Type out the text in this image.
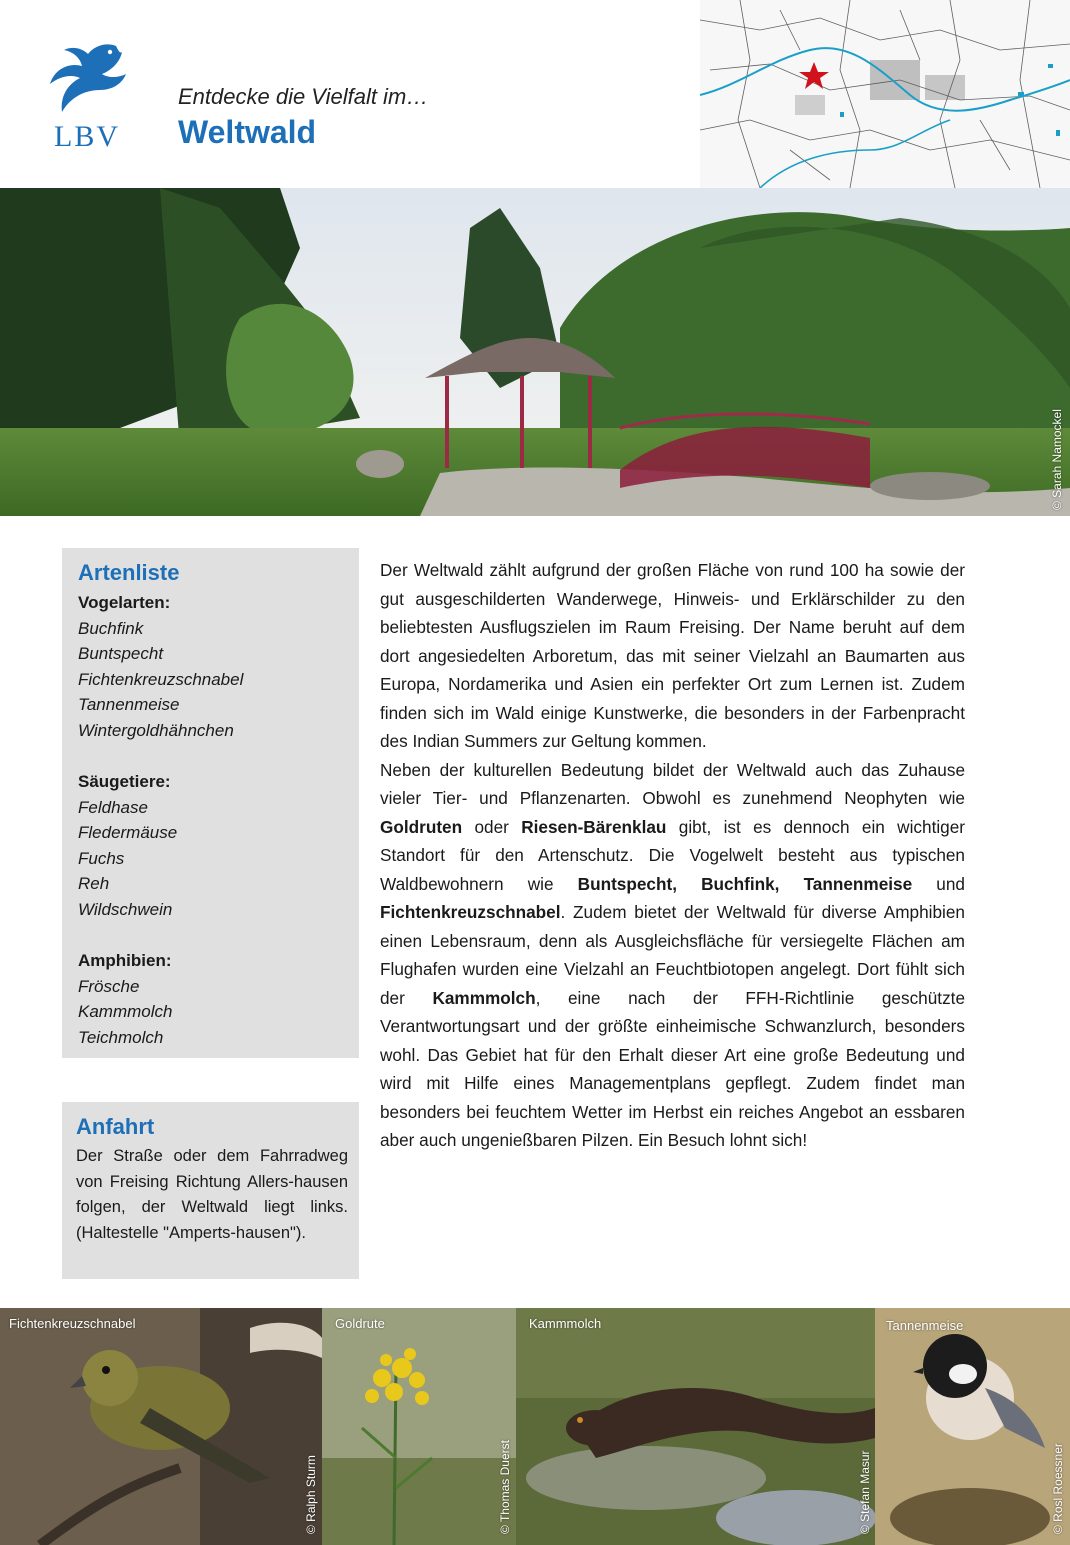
LBV
Entdecke die Vielfalt im…
Weltwald
© Sarah Namockel
Artenliste
Vogelarten:
Buchfink
Buntspecht
Fichtenkreuzschnabel
Tannenmeise
Wintergoldhähnchen
Säugetiere:
Feldhase
Fledermäuse
Fuchs
Reh
Wildschwein
Amphibien:
Frösche
Kammmolch
Teichmolch
Anfahrt
Der Straße oder dem Fahrradweg von Freising Richtung Allers-hausen folgen, der Weltwald liegt links. (Haltestelle "Amperts-hausen").

Der Weltwald zählt aufgrund der großen Fläche von rund 100 ha sowie der gut ausgeschilderten Wanderwege, Hinweis- und Erklärschilder zu den beliebtesten Ausflugszielen im Raum Freising. Der Name beruht auf dem dort angesiedelten Arboretum, das mit seiner Vielzahl an Baumarten aus Europa, Nordamerika und Asien ein perfekter Ort zum Lernen ist. Zudem finden sich im Wald einige Kunstwerke, die besonders in der Farbenpracht des Indian Summers zur Geltung kommen.

Neben der kulturellen Bedeutung bildet der Weltwald auch das Zuhause vieler Tier- und Pflanzenarten. Obwohl es zunehmend Neophyten wie Goldruten oder Riesen-Bärenklau gibt, ist es dennoch ein wichtiger Standort für den Artenschutz. Die Vogelwelt besteht aus typischen Waldbewohnern wie Buntspecht, Buchfink, Tannenmeise und Fichtenkreuzschnabel. Zudem bietet der Weltwald für diverse Amphibien einen Lebensraum, denn als Ausgleichsfläche für versiegelte Flächen am Flughafen wurden eine Vielzahl an Feuchtbiotopen angelegt. Dort fühlt sich der Kammmolch, eine nach der FFH-Richtlinie geschützte Verantwortungsart und der größte einheimische Schwanzlurch, besonders wohl. Das Gebiet hat für den Erhalt dieser Art eine große Bedeutung und wird mit Hilfe eines Managementplans gepflegt. Zudem findet man besonders bei feuchtem Wetter im Herbst ein reiches Angebot an essbaren aber auch ungenießbaren Pilzen. Ein Besuch lohnt sich!

Fichtenkreuzschnabel
© Ralph Sturm
Goldrute
© Thomas Duerst
Kammmolch
© Stefan Masur
Tannenmeise
© Rosl Roessner
